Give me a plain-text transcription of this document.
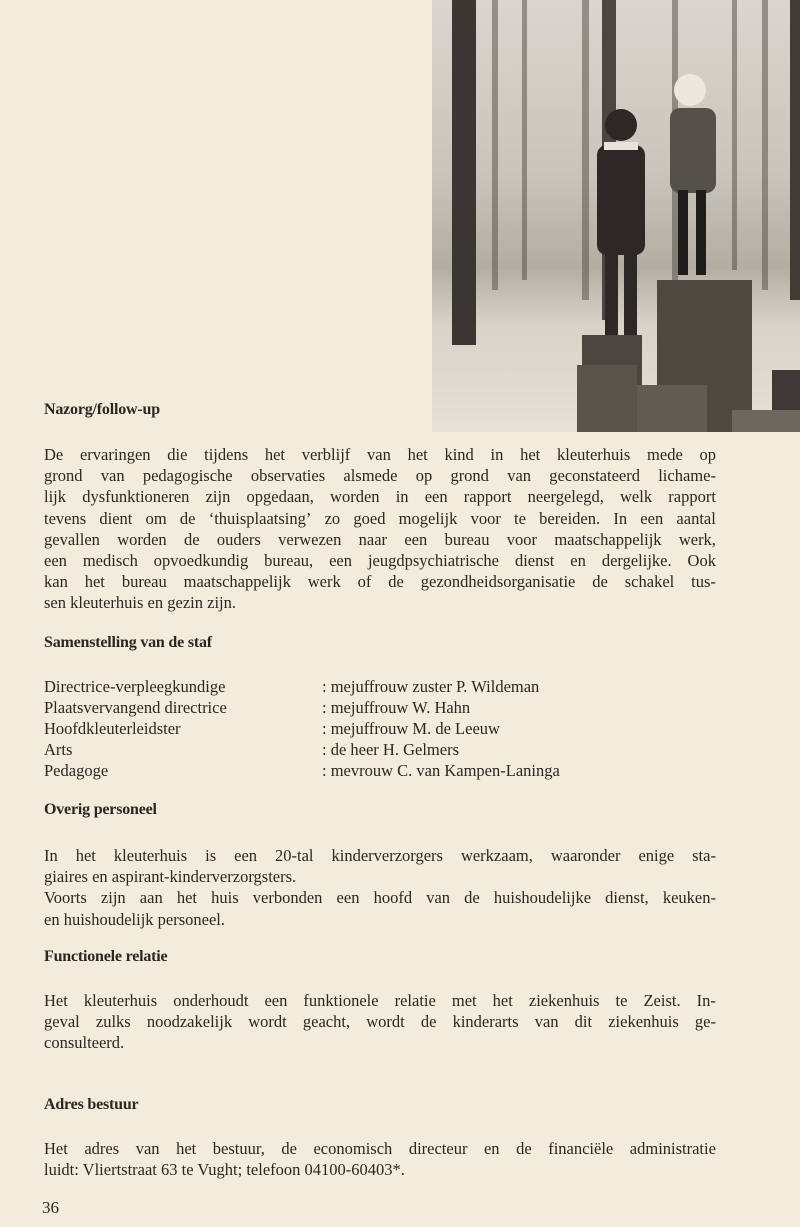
Nazorg/follow-up
De ervaringen die tijdens het verblijf van het kind in het kleuterhuis mede op
grond van pedagogische observaties alsmede op grond van geconstateerd lichame-
lijk dysfunktioneren zijn opgedaan, worden in een rapport neergelegd, welk rapport
tevens dient om de ‘thuisplaatsing’ zo goed mogelijk voor te bereiden. In een aantal
gevallen worden de ouders verwezen naar een bureau voor maatschappelijk werk,
een medisch opvoedkundig bureau, een jeugdpsychiatrische dienst en dergelijke. Ook
kan het bureau maatschappelijk werk of de gezondheidsorganisatie de schakel tus-
sen kleuterhuis en gezin zijn.
Samenstelling van de staf
Directrice-verpleegkundige	: mejuffrouw zuster P. Wildeman
Plaatsvervangend directrice	: mejuffrouw W. Hahn
Hoofdkleuterleidster	: mejuffrouw M. de Leeuw
Arts	: de heer H. Gelmers
Pedagoge	: mevrouw C. van Kampen-Laninga
Overig personeel
In het kleuterhuis is een 20-tal kinderverzorgers werkzaam, waaronder enige sta-
giaires en aspirant-kinderverzorgsters.
Voorts zijn aan het huis verbonden een hoofd van de huishoudelijke dienst, keuken-
en huishoudelijk personeel.
Functionele relatie
Het kleuterhuis onderhoudt een funktionele relatie met het ziekenhuis te Zeist. In-
geval zulks noodzakelijk wordt geacht, wordt de kinderarts van dit ziekenhuis ge-
consulteerd.
Adres bestuur
Het adres van het bestuur, de economisch directeur en de financiële administratie
luidt: Vliertstraat 63 te Vught; telefoon 04100-60403*.
36
